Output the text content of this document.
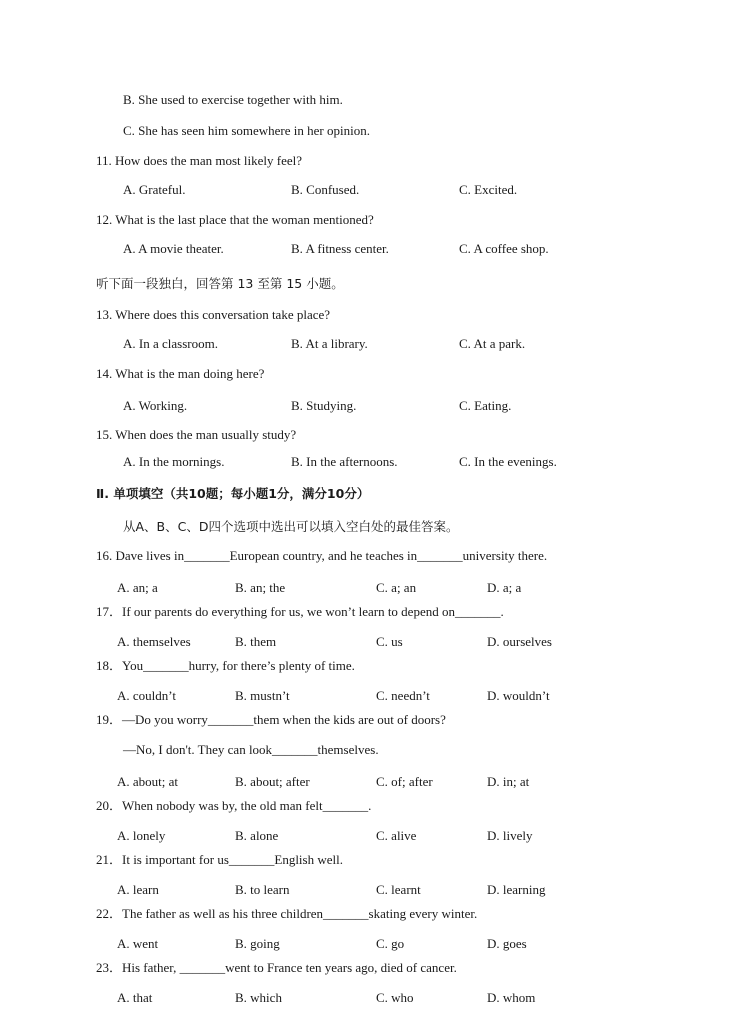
B. She used to exercise together with him.
C. She has seen him somewhere in her opinion.
11. How does the man most likely feel?
A. Grateful.	B. Confused.	C. Excited.
12. What is the last place that the woman mentioned?
A. A movie theater.	B. A fitness center.	C. A coffee shop.
听下面一段独白，回答第 13 至第 15 小题。
13. Where does this conversation take place?
A. In a classroom.	B. At a library.	C. At a park.
14. What is the man doing here?
A. Working.	B. Studying.	C. Eating.
15. When does the man usually study?
A. In the mornings.	B. In the afternoons.	C. In the evenings.
Ⅱ. 单项填空（共10题；每小题1分，满分10分）
从A、B、C、D四个选项中选出可以填入空白处的最佳答案。
16. Dave lives in_______European country, and he teaches in_______university there.
A. an; a	B. an; the	C. a; an	D. a; a
17．If our parents do everything for us, we won’t learn to depend on_______.
A. themselves	B. them	C. us	D. ourselves
18．You_______hurry, for there’s plenty of time.
A. couldn’t	B. mustn’t	C. needn’t	D. wouldn’t
19．—Do you worry_______them when the kids are out of doors?
—No, I don't. They can look_______themselves.
A. about; at	B. about; after	C. of; after	D. in; at
20．When nobody was by, the old man felt_______.
A. lonely	B. alone	C. alive	D. lively
21．It is important for us_______English well.
A. learn	B. to learn	C. learnt	D. learning
22．The father as well as his three children_______skating every winter.
A. went	B. going	C. go	D. goes
23．His father, _______went to France ten years ago, died of cancer.
A. that	B. which	C. who	D. whom
